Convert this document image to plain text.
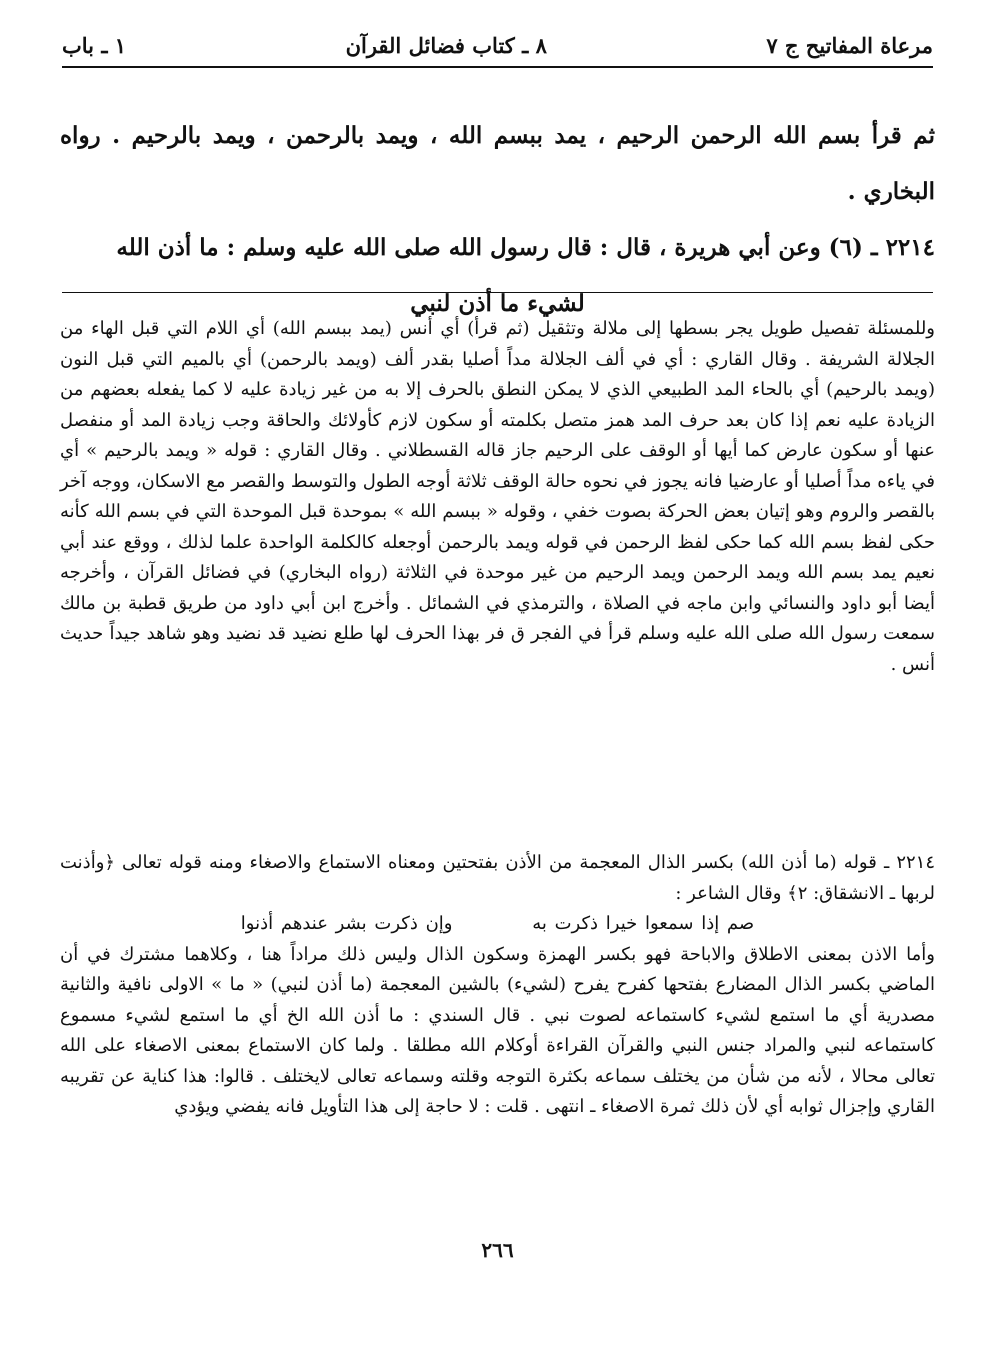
مرعاة المفاتيح ج ٧
٨ ـ كتاب فضائل القرآن
١ ـ باب

ثم قرأ بسم الله الرحمن الرحيم ، يمد ببسم الله ، ويمد بالرحمن ، ويمد بالرحيم . رواه البخاري .

٢٢١٤ ـ (٦) وعن أبي هريرة ، قال : قال رسول الله صلى الله عليه وسلم : ما أذن الله

لشيء ما أذن لنبي

وللمسئلة تفصيل طويل يجر بسطها إلى ملالة وتثقيل (ثم قرأ) أي أنس (يمد ببسم الله) أي اللام التي قبل الهاء من الجلالة الشريفة . وقال القاري : أي في ألف الجلالة مداً أصليا بقدر ألف (ويمد بالرحمن) أي بالميم التي قبل النون (ويمد بالرحيم) أي بالحاء المد الطبيعي الذي لا يمكن النطق بالحرف إلا به من غير زيادة عليه لا كما يفعله بعضهم من الزيادة عليه نعم إذا كان بعد حرف المد همز متصل بكلمته أو سكون لازم كأولائك والحاقة وجب زيادة المد أو منفصل عنها أو سكون عارض كما أيها أو الوقف على الرحيم جاز قاله القسطلاني . وقال القاري : قوله « ويمد بالرحيم » أي في ياءه مداً أصليا أو عارضيا فانه يجوز في نحوه حالة الوقف ثلاثة أوجه الطول والتوسط والقصر مع الاسكان، ووجه آخر بالقصر والروم وهو إتيان بعض الحركة بصوت خفي ، وقوله « ببسم الله » بموحدة قبل الموحدة التي في بسم الله كأنه حكى لفظ بسم الله كما حكى لفظ الرحمن في قوله ويمد بالرحمن أوجعله كالكلمة الواحدة علما لذلك ، ووقع عند أبي نعيم يمد بسم الله ويمد الرحمن ويمد الرحيم من غير موحدة في الثلاثة (رواه البخاري) في فضائل القرآن ، وأخرجه أيضا أبو داود والنسائي وابن ماجه في الصلاة ، والترمذي في الشمائل . وأخرج ابن أبي داود من طريق قطبة بن مالك سمعت رسول الله صلى الله عليه وسلم قرأ في الفجر ق فر بهذا الحرف لها طلع نضيد قد نضيد وهو شاهد جيداً حديث أنس .

٢٢١٤ ـ قوله (ما أذن الله) بكسر الذال المعجمة من الأذن بفتحتين ومعناه الاستماع والاصغاء ومنه قوله تعالى ﴿وأذنت لربها ـ الانشقاق: ٢﴾ وقال الشاعر :

صم إذا سمعوا خيرا ذكرت به وإن ذكرت بشر عندهم أذنوا

وأما الاذن بمعنى الاطلاق والاباحة فهو بكسر الهمزة وسكون الذال وليس ذلك مراداً هنا ، وكلاهما مشترك في أن الماضي بكسر الذال المضارع بفتحها كفرح يفرح (لشيء) بالشين المعجمة (ما أذن لنبي) « ما » الاولى نافية والثانية مصدرية أي ما استمع لشيء كاستماعه لصوت نبي . قال السندي : ما أذن الله الخ أي ما استمع لشيء مسموع كاستماعه لنبي والمراد جنس النبي والقرآن القراءة أوكلام الله مطلقا . ولما كان الاستماع بمعنى الاصغاء على الله تعالى محالا ، لأنه من شأن من يختلف سماعه بكثرة التوجه وقلته وسماعه تعالى لايختلف . قالوا: هذا كناية عن تقريبه القاري وإجزال ثوابه أي لأن ذلك ثمرة الاصغاء ـ انتهى . قلت : لا حاجة إلى هذا التأويل فانه يفضي ويؤدي

٢٦٦
